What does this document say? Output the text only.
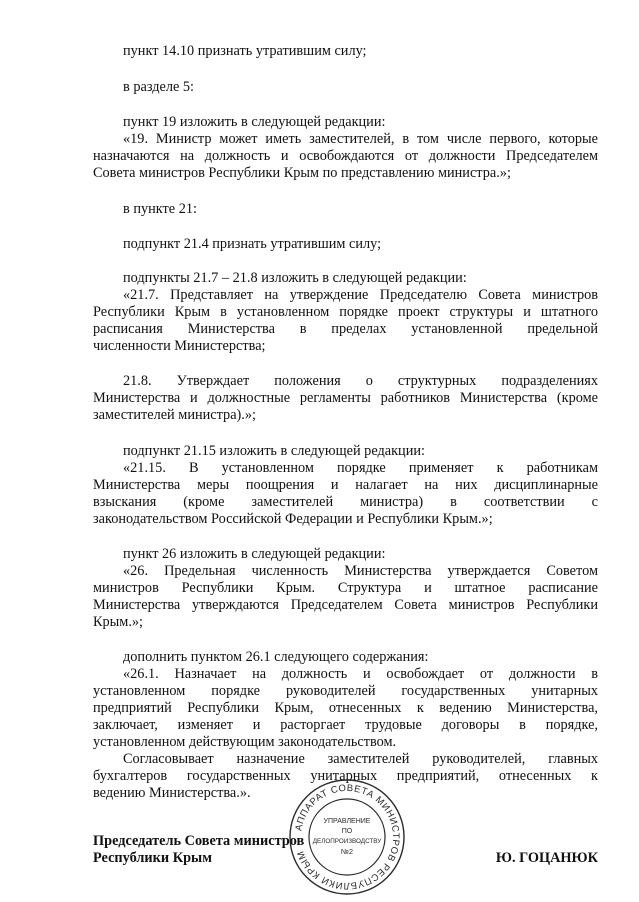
пункт 14.10 признать утратившим силу;
в разделе 5:
пункт 19 изложить в следующей редакции:
«19. Министр может иметь заместителей, в том числе первого, которые
назначаются на должность и освобождаются от должности Председателем
Совета министров Республики Крым по представлению министра.»;
в пункте 21:
подпункт 21.4 признать утратившим силу;
подпункты 21.7 – 21.8 изложить в следующей редакции:
«21.7. Представляет на утверждение Председателю Совета министров
Республики Крым в установленном порядке проект структуры и штатного
расписания Министерства в пределах установленной предельной
численности Министерства;
21.8. Утверждает положения о структурных подразделениях
Министерства и должностные регламенты работников Министерства (кроме
заместителей министра).»;
подпункт 21.15 изложить в следующей редакции:
«21.15. В установленном порядке применяет к работникам
Министерства меры поощрения и налагает на них дисциплинарные
взыскания (кроме заместителей министра) в соответствии с
законодательством Российской Федерации и Республики Крым.»;
пункт 26 изложить в следующей редакции:
«26. Предельная численность Министерства утверждается Советом
министров Республики Крым. Структура и штатное расписание
Министерства утверждаются Председателем Совета министров Республики
Крым.»;
дополнить пунктом 26.1 следующего содержания:
«26.1. Назначает на должность и освобождает от должности в
установленном порядке руководителей государственных унитарных
предприятий Республики Крым, отнесенных к ведению Министерства,
заключает, изменяет и расторгает трудовые договоры в порядке,
установленном действующим законодательством.
Согласовывает назначение заместителей руководителей, главных
бухгалтеров государственных унитарных предприятий, отнесенных к
ведению Министерства.».
Председатель Совета министров
Республики Крым	Ю. ГОЦАНЮК
АППАРАТ СОВЕТА МИНИСТРОВ РЕСПУБЛИКИ КРЫМ
УПРАВЛЕНИЕ
ПО
ДЕЛОПРОИЗВОДСТВУ
№2
